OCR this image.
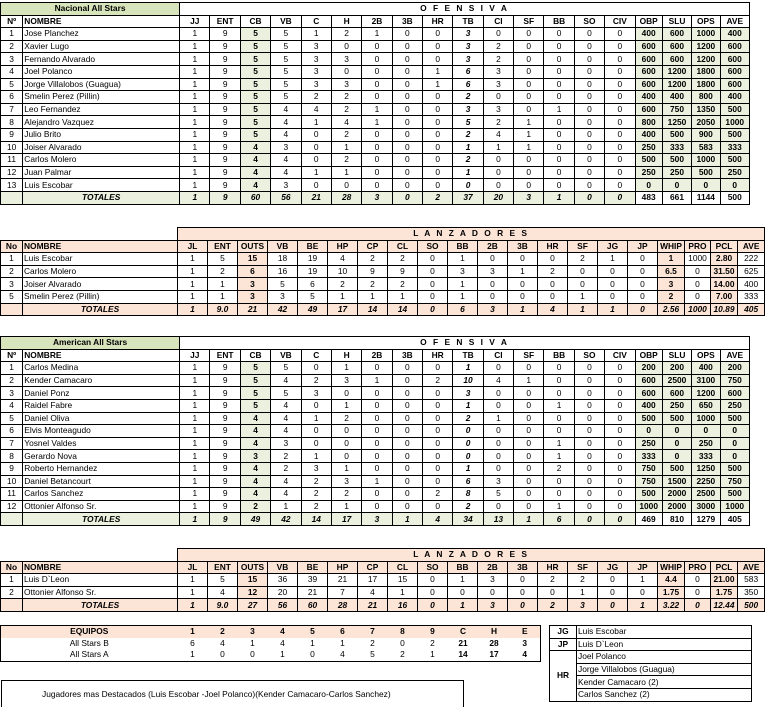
Nacional All Stars		O F E N S I V A																		
Nº	NOMBRE	JJ	ENT	CB	VB	C	H	2B	3B	HR	TB	CI	SF	BB	SO	CIV	OBP	SLU	OPS	AVE
1	Jose Planchez	1	9	5	5	1	2	1	0	0	3	0	0	0	0	0	400	600	1000	400
2	Xavier Lugo	1	9	5	5	3	0	0	0	0	3	2	0	0	0	0	600	600	1200	600
3	Fernando Alvarado	1	9	5	5	3	3	0	0	0	3	2	0	0	0	0	600	600	1200	600
4	Joel Polanco	1	9	5	5	3	0	0	0	1	6	3	0	0	0	0	600	1200	1800	600
5	Jorge Villalobos (Guagua)	1	9	5	5	3	3	0	0	1	6	3	0	0	0	0	600	1200	1800	600
6	Smelin Perez (Pillin)	1	9	5	5	2	2	0	0	0	2	0	0	0	0	0	400	400	800	400
7	Leo Fernandez	1	9	5	4	4	2	1	0	0	3	3	0	1	0	0	600	750	1350	500
8	Alejandro Vazquez	1	9	5	4	1	4	1	0	0	5	2	1	0	0	0	800	1250	2050	1000
9	Julio Brito	1	9	5	4	0	2	0	0	0	2	4	1	0	0	0	400	500	900	500
10	Joiser Alvarado	1	9	4	3	0	1	0	0	0	1	1	1	0	0	0	250	333	583	333
11	Carlos Molero	1	9	4	4	0	2	0	0	0	2	0	0	0	0	0	500	500	1000	500
12	Juan Palmar	1	9	4	4	1	1	0	0	0	1	0	0	0	0	0	250	250	500	250
13	Luis Escobar	1	9	4	3	0	0	0	0	0	0	0	0	0	0	0	0	0	0	0
	TOTALES	1	9	60	56	21	28	3	0	2	37	20	3	1	0	0	483	661	1144	500
		L A N Z A D O R E S																			
No	NOMBRE	JL	ENT	OUTS	VB	BE	HP	CP	CL	SO	BB	2B	3B	HR	SF	JG	JP	WHIP	PRO	PCL	AVE
1	Luis Escobar	1	5	15	18	19	4	2	2	0	1	0	0	0	2	1	0	1	1000	2.80	222
2	Carlos Molero	1	2	6	16	19	10	9	9	0	3	3	1	2	0	0	0	6.5	0	31.50	625
3	Joiser Alvarado	1	1	3	5	6	2	2	2	0	1	0	0	0	0	0	0	3	0	14.00	400
5	Smelin Perez (Pillin)	1	1	3	3	5	1	1	1	0	1	0	0	0	1	0	0	2	0	7.00	333
	TOTALES	1	9.0	21	42	49	17	14	14	0	6	3	1	4	1	1	0	2.56	1000	10.89	405
American All Stars		O F E N S I V A																		
Nº	NOMBRE	JJ	ENT	CB	VB	C	H	2B	3B	HR	TB	CI	SF	BB	SO	CIV	OBP	SLU	OPS	AVE
1	Carlos Medina	1	9	5	5	0	1	0	0	0	1	0	0	0	0	0	200	200	400	200
2	Kender Camacaro	1	9	5	4	2	3	1	0	2	10	4	1	0	0	0	600	2500	3100	750
3	Daniel Ponz	1	9	5	5	3	0	0	0	0	3	0	0	0	0	0	600	600	1200	600
4	Raidel Fabre	1	9	5	4	0	1	0	0	0	1	0	0	1	0	0	400	250	650	250
5	Daniel Oliva	1	9	4	4	1	2	0	0	0	2	1	0	0	0	0	500	500	1000	500
6	Elvis Monteagudo	1	9	4	4	0	0	0	0	0	0	0	0	0	0	0	0	0	0	0
7	Yosnel Valdes	1	9	4	3	0	0	0	0	0	0	0	0	1	0	0	250	0	250	0
8	Gerardo Nova	1	9	3	2	1	0	0	0	0	0	0	0	1	0	0	333	0	333	0
9	Roberto Hernandez	1	9	4	2	3	1	0	0	0	1	0	0	2	0	0	750	500	1250	500
10	Daniel Betancourt	1	9	4	4	2	3	1	0	0	6	3	0	0	0	0	750	1500	2250	750
11	Carlos Sanchez	1	9	4	4	2	2	0	0	2	8	5	0	0	0	0	500	2000	2500	500
12	Ottonier Alfonso Sr.	1	9	2	1	2	1	0	0	0	2	0	0	1	0	0	1000	2000	3000	1000
	TOTALES	1	9	49	42	14	17	3	1	4	34	13	1	6	0	0	469	810	1279	405
		L A N Z A D O R E S																			
No	NOMBRE	JL	ENT	OUTS	VB	BE	HP	CP	CL	SO	BB	2B	3B	HR	SF	JG	JP	WHIP	PRO	PCL	AVE
1	Luis D`Leon	1	5	15	36	39	21	17	15	0	1	3	0	2	2	0	1	4.4	0	21.00	583
2	Ottonier Alfonso Sr.	1	4	12	20	21	7	4	1	0	0	0	0	0	1	0	0	1.75	0	1.75	350
	TOTALES	1	9.0	27	56	60	28	21	16	0	1	3	0	2	3	0	1	3.22	0	12.44	500
EQUIPOS	1	2	3	4	5	6	7	8	9	C	H	E
All Stars B	6	4	1	4	1	1	2	0	2	21	28	3
All Stars A	1	0	0	1	0	4	5	2	1	14	17	4
JG	Luis Escobar
JP	Luis D`Leon
HR	Joel Polanco
	Jorge Villalobos (Guagua)
	Kender Camacaro (2)
	Carlos Sanchez (2)
Jugadores mas Destacados (Luis Escobar -Joel Polanco)(Kender Camacaro-Carlos Sanchez)
